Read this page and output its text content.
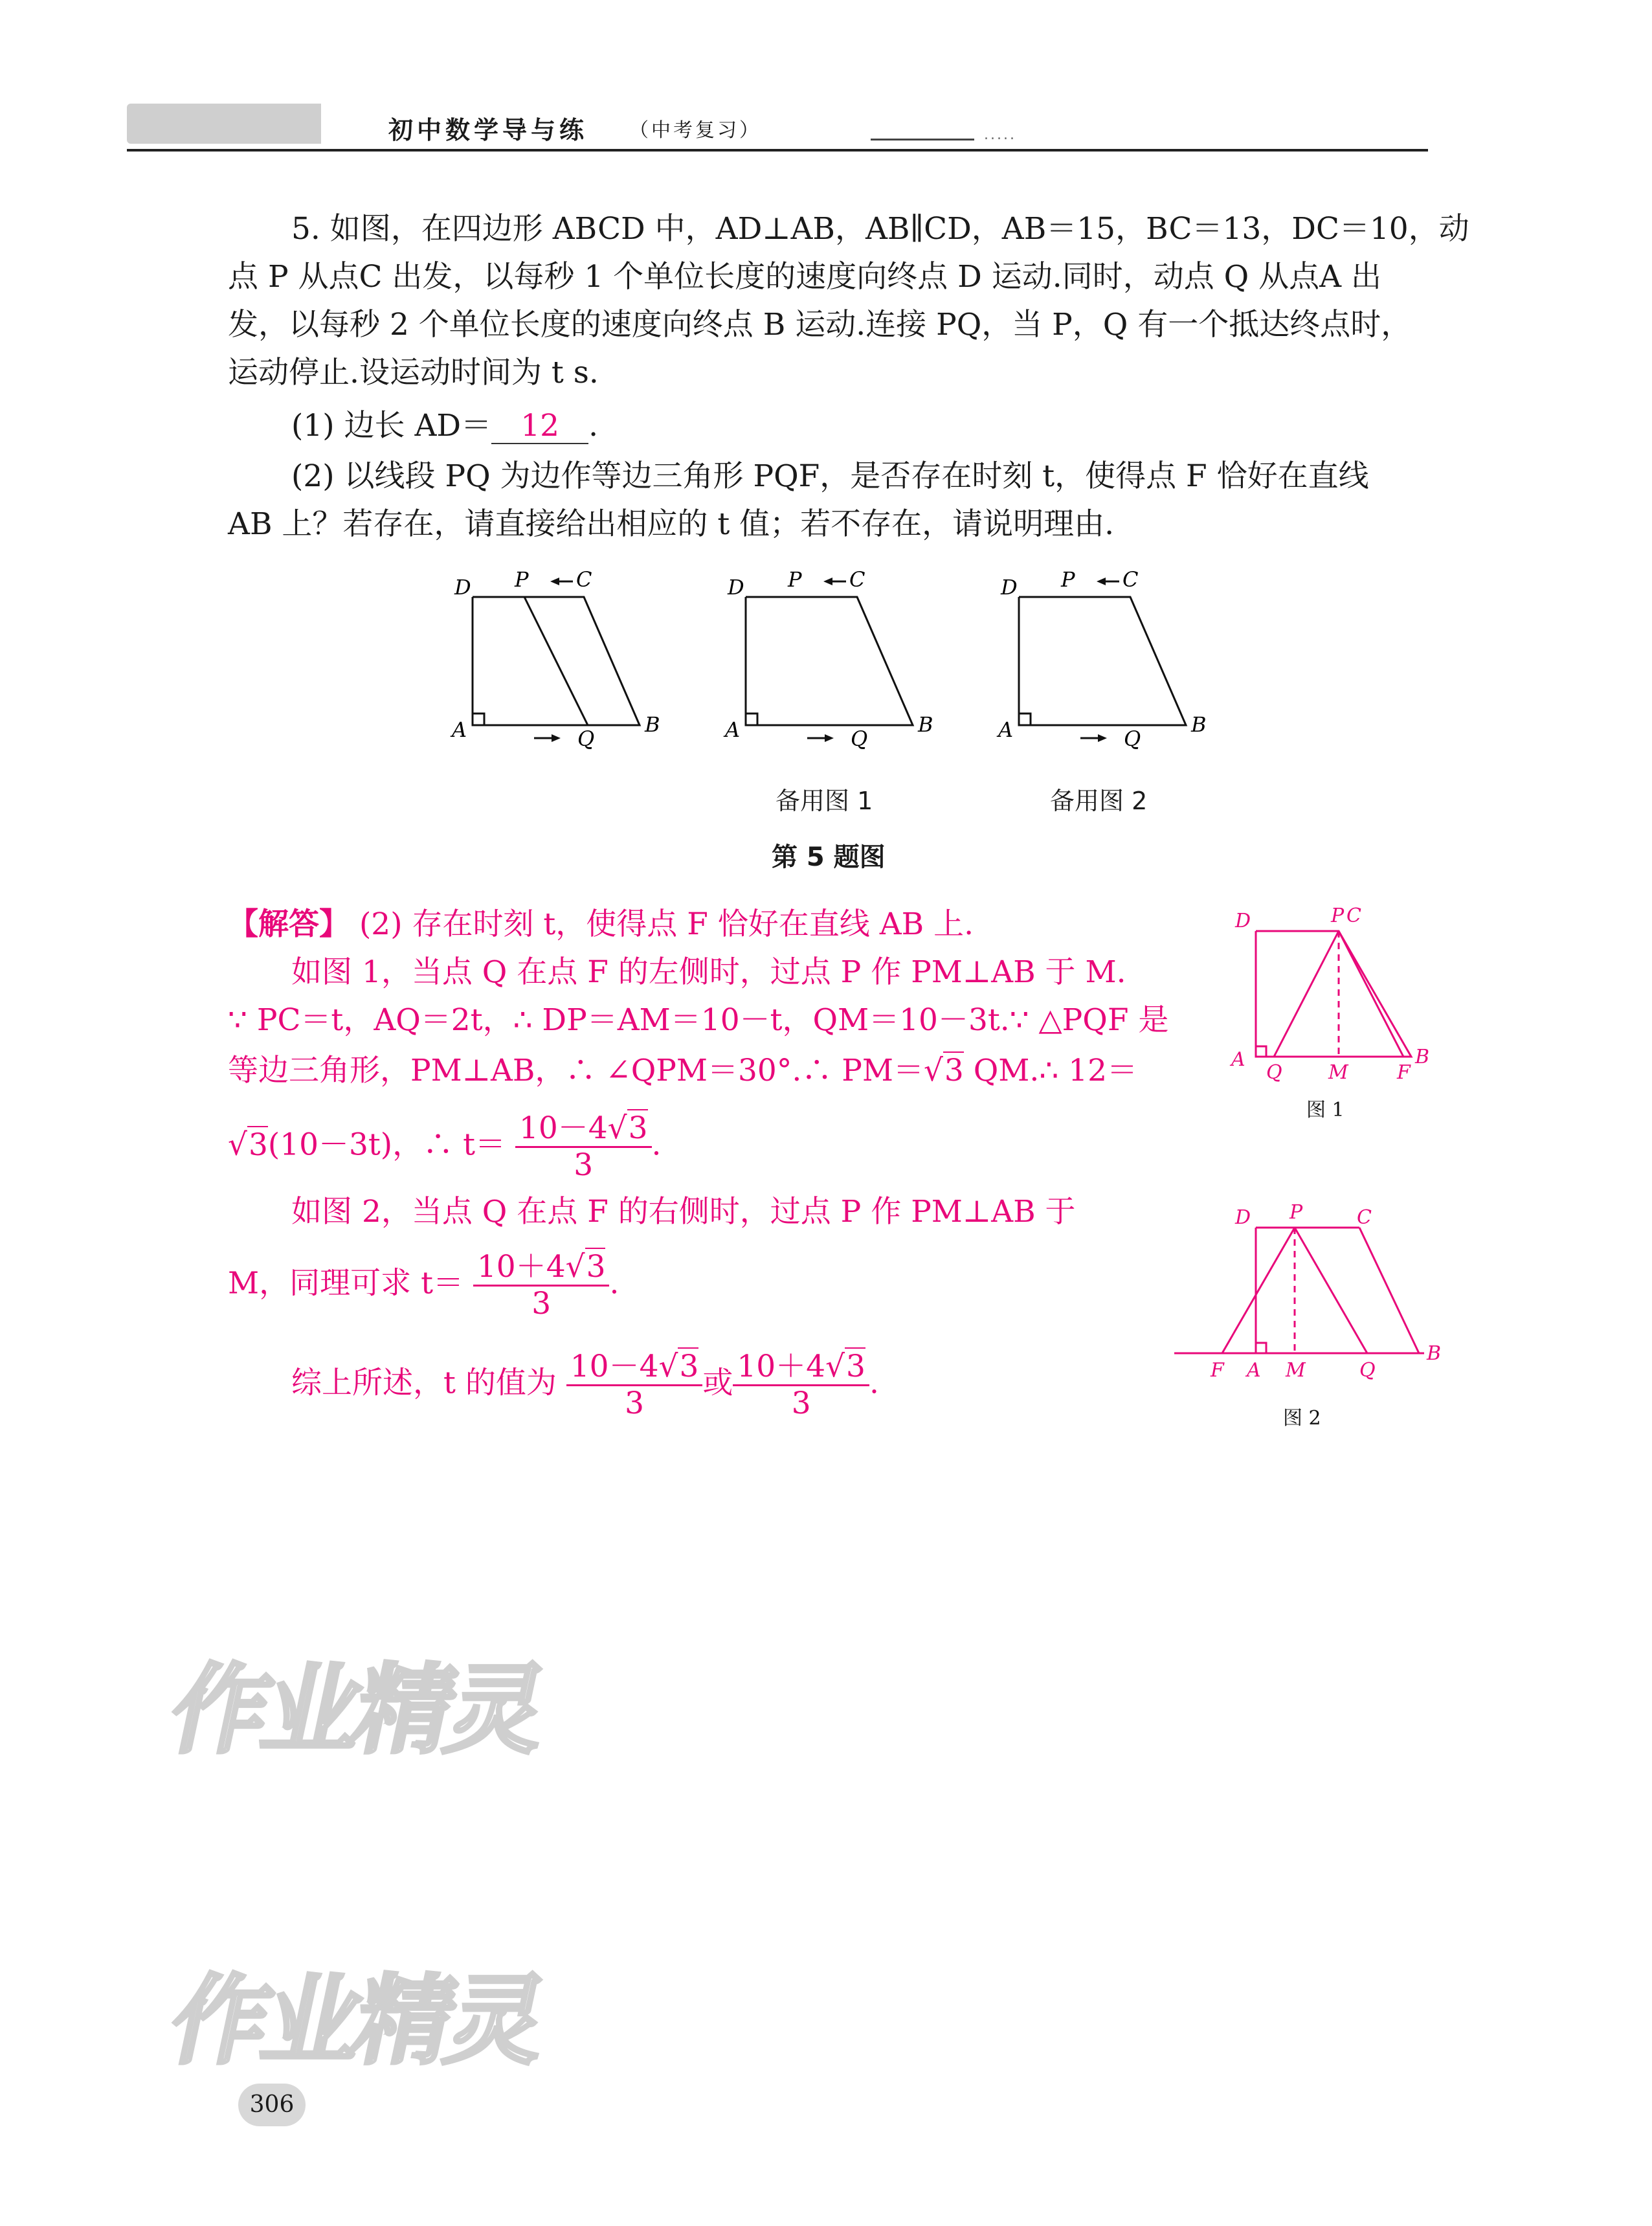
初中数学导与练 （中考复习）	.....
5. 如图，在四边形 ABCD 中，AD⊥AB，AB∥CD，AB＝15，BC＝13，DC＝10，动
点 P 从点C 出发，以每秒 1 个单位长度的速度向终点 D 运动.同时，动点 Q 从点A 出
发，以每秒 2 个单位长度的速度向终点 B 运动.连接 PQ，当 P，Q 有一个抵达终点时，
运动停止.设运动时间为 t s.
(1) 边长 AD＝ 12 .
(2) 以线段 PQ 为边作等边三角形 PQF，是否存在时刻 t，使得点 F 恰好在直线
AB 上？若存在，请直接给出相应的 t 值；若不存在，请说明理由.
D P C
A	Q
B
D P C
A	Q
B
D P C
A	Q
B
备用图 1	备用图 2
第 5 题图
【解答】 (2) 存在时刻 t，使得点 F 恰好在直线 AB 上.
如图 1，当点 Q 在点 F 的左侧时，过点 P 作 PM⊥AB 于 M.
∵ PC＝t，AQ＝2t，∴ DP＝AM＝10－t，QM＝10－3t.∵ △PQF 是
等边三角形，PM⊥AB，∴ ∠QPM＝30°.∴ PM＝√3 QM.∴ 12＝
√3(10－3t)，∴ $t= \frac{10-4√3}{3}$ .
如图 2，当点 Q 在点 F 的右侧时，过点 P 作 PM⊥AB 于
M，同理可求 $t= \frac{10+4√3}{3}$ .
综上所述，t 的值为 $\frac{10-4√3}{3}$ 或 $\frac{10+4√3}{3}$ .
D	P C
A
Q M	F
B
图 1
D P	C
F A M	Q
B
图 2
作业精灵
作业精灵
306
